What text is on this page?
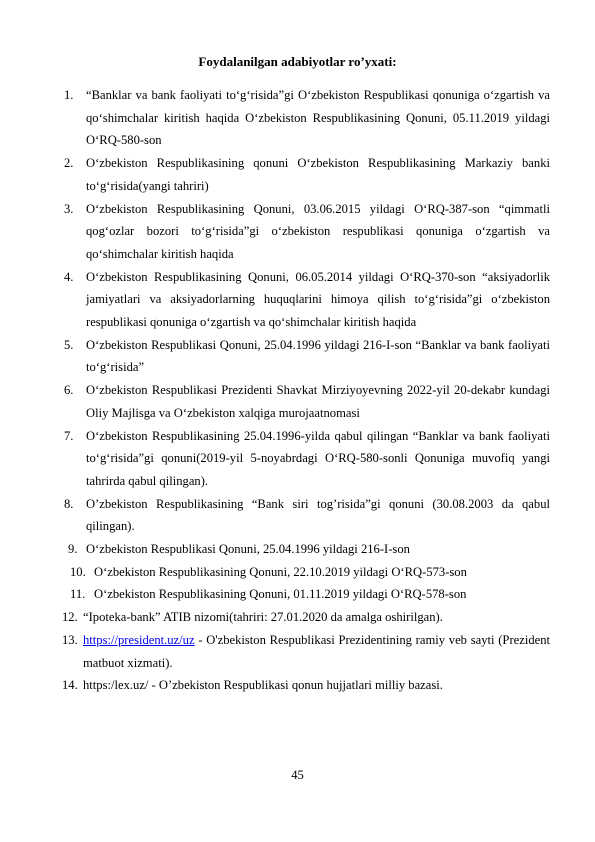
Foydalanilgan adabiyotlar ro’yxati:
1. “Banklar va bank faoliyati to‘g‘risida”gi O‘zbekiston Respublikasi qonuniga o‘zgartish va qo‘shimchalar kiritish haqida O‘zbekiston Respublikasining Qonuni, 05.11.2019 yildagi O‘RQ-580-son
2. O‘zbekiston Respublikasining qonuni O‘zbekiston Respublikasining Markaziy banki to‘g‘risida(yangi tahriri)
3. O‘zbekiston Respublikasining Qonuni, 03.06.2015 yildagi O‘RQ-387-son “qimmatli qog‘ozlar bozori to‘g‘risida”gi o‘zbekiston respublikasi qonuniga o‘zgartish va qo‘shimchalar kiritish haqida
4. O‘zbekiston Respublikasining Qonuni, 06.05.2014 yildagi O‘RQ-370-son “aksiyadorlik jamiyatlari va aksiyadorlarning huquqlarini himoya qilish to‘g‘risida”gi o‘zbekiston respublikasi qonuniga o‘zgartish va qo‘shimchalar kiritish haqida
5. O‘zbekiston Respublikasi Qonuni, 25.04.1996 yildagi 216-I-son “Banklar va bank faoliyati to‘g‘risida”
6. O‘zbekiston Respublikasi Prezidenti Shavkat Mirziyoyevning 2022-yil 20-dekabr kundagi Oliy Majlisga va O‘zbekiston xalqiga murojaatnomasi
7. O‘zbekiston Respublikasining 25.04.1996-yilda qabul qilingan “Banklar va bank faoliyati to‘g‘risida”gi qonuni(2019-yil 5-noyabrdagi O‘RQ-580-sonli Qonuniga muvofiq yangi tahrirda qabul qilingan).
8. O’zbekiston Respublikasining “Bank siri tog’risida”gi qonuni (30.08.2003 da qabul qilingan).
9. O‘zbekiston Respublikasi Qonuni, 25.04.1996 yildagi 216-I-son
10. O‘zbekiston Respublikasining Qonuni, 22.10.2019 yildagi O‘RQ-573-son
11. O‘zbekiston Respublikasining Qonuni, 01.11.2019 yildagi O‘RQ-578-son
12. “Ipoteka-bank” ATIB nizomi(tahriri: 27.01.2020 da amalga oshirilgan).
13. https://president.uz/uz - O'zbekiston Respublikasi Prezidentining ramiy veb sayti (Prezident matbuot xizmati).
14. https:/lex.uz/ - O’zbekiston Respublikasi qonun hujjatlari milliy bazasi.
45
